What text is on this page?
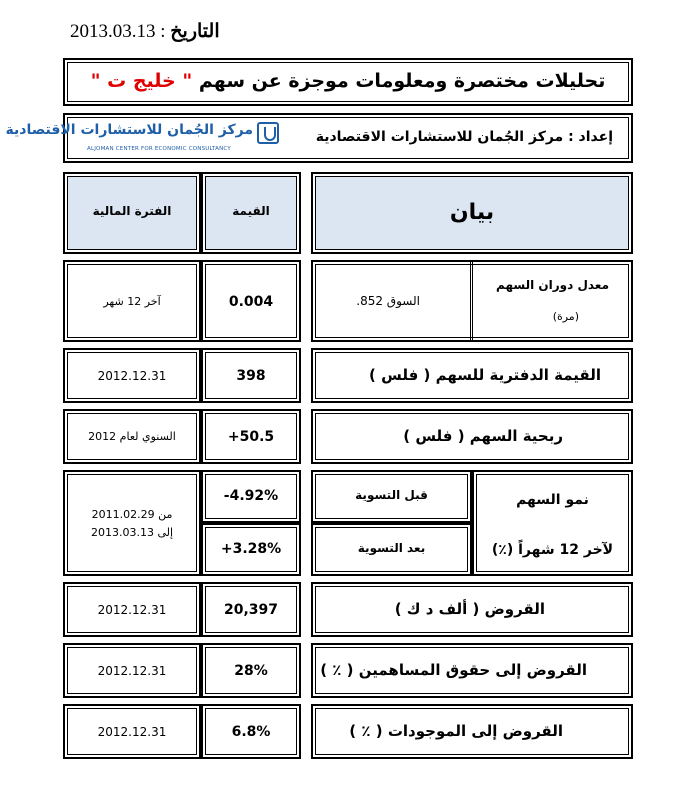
2013.03.13 : التاريخ
تحليلات مختصرة ومعلومات موجزة عن سهم " خليج ت "
إعداد : مركز الجُمان للاستشارات الاقتصادية
مركز الجُمان للاستشارات الاقتصادية
ALJOMAN CENTER FOR ECONOMIC CONSULTANCY
بيان
القيمة
الفترة المالية
معدل دوران السهم
(مرة)
السوق 852.
0.004
آخر 12 شهر
القيمة الدفترية للسهم ( فلس )
398
2012.12.31
ربحية السهم ( فلس )
+50.5
السنوي لعام 2012
نمو السهم
لآخر 12 شهراً (٪)
قبل التسوية
بعد التسوية
-4.92%
+3.28%
من 2011.02.29
إلى 2013.03.13
القروض ( ألف د ك )
20,397
2012.12.31
القروض إلى حقوق المساهمين ( ٪ )
28%
2012.12.31
القروض إلى الموجودات ( ٪ )
6.8%
2012.12.31
